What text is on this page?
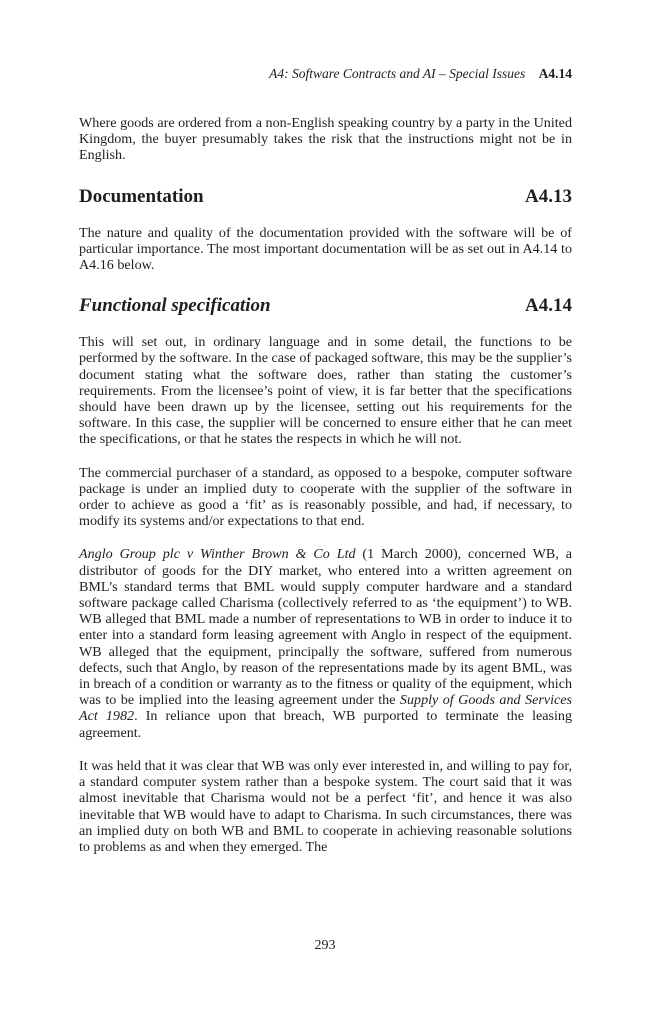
A4: Software Contracts and AI – Special Issues A4.14

Where goods are ordered from a non-English speaking country by a party in the United Kingdom, the buyer presumably takes the risk that the instructions might not be in English.

Documentation	A4.13

The nature and quality of the documentation provided with the software will be of particular importance. The most important documentation will be as set out in A4.14 to A4.16 below.

Functional specification	A4.14

This will set out, in ordinary language and in some detail, the functions to be performed by the software. In the case of packaged software, this may be the supplier’s document stating what the software does, rather than stating the customer’s requirements. From the licensee’s point of view, it is far better that the specifications should have been drawn up by the licensee, setting out his requirements for the software. In this case, the supplier will be concerned to ensure either that he can meet the specifications, or that he states the respects in which he will not.

The commercial purchaser of a standard, as opposed to a bespoke, computer software package is under an implied duty to cooperate with the supplier of the software in order to achieve as good a ‘fit’ as is reasonably possible, and had, if necessary, to modify its systems and/or expectations to that end.

Anglo Group plc v Winther Brown & Co Ltd (1 March 2000), concerned WB, a distributor of goods for the DIY market, who entered into a written agreement on BML’s standard terms that BML would supply computer hardware and a standard software package called Charisma (collectively referred to as ‘the equipment’) to WB. WB alleged that BML made a number of representations to WB in order to induce it to enter into a standard form leasing agreement with Anglo in respect of the equipment. WB alleged that the equipment, principally the software, suffered from numerous defects, such that Anglo, by reason of the representations made by its agent BML, was in breach of a condition or warranty as to the fitness or quality of the equipment, which was to be implied into the leasing agreement under the Supply of Goods and Services Act 1982. In reliance upon that breach, WB purported to terminate the leasing agreement.

It was held that it was clear that WB was only ever interested in, and willing to pay for, a standard computer system rather than a bespoke system. The court said that it was almost inevitable that Charisma would not be a perfect ‘fit’, and hence it was also inevitable that WB would have to adapt to Charisma. In such circumstances, there was an implied duty on both WB and BML to cooperate in achieving reasonable solutions to problems as and when they emerged. The

293
